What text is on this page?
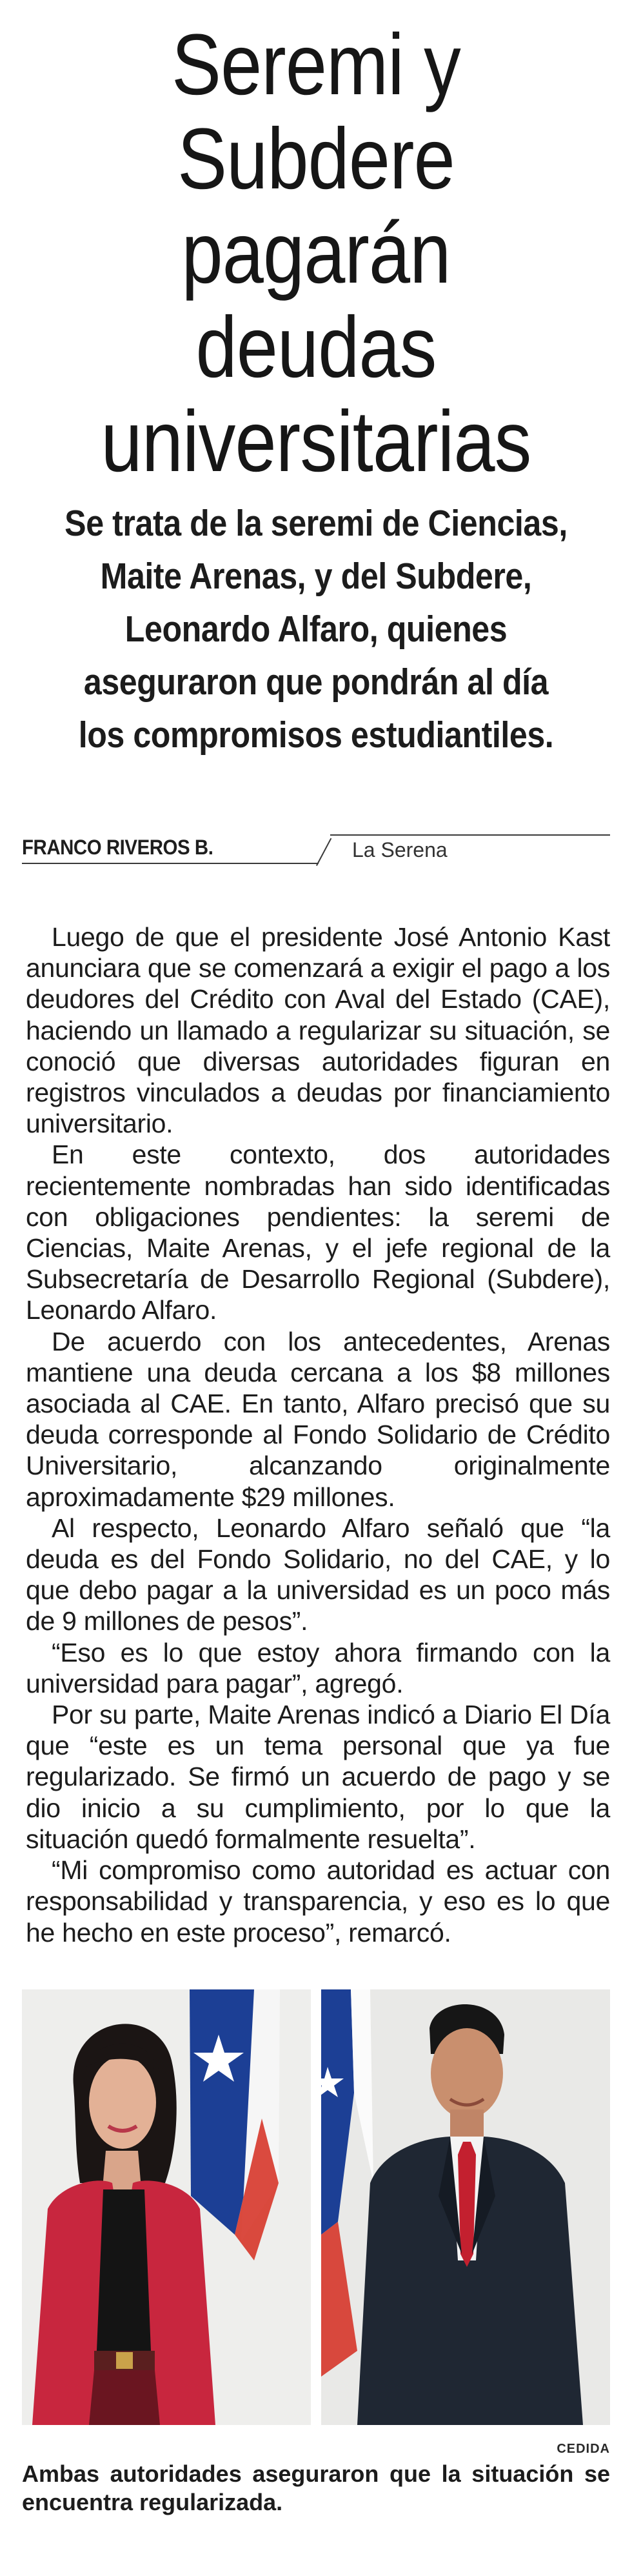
Seremi y Subdere pagarán deudas universitarias
Se trata de la seremi de Ciencias, Maite Arenas, y del Subdere, Leonardo Alfaro, quienes aseguraron que pondrán al día los compromisos estudiantiles.
FRANCO RIVEROS B.	La Serena

Luego de que el presidente José Antonio Kast anunciara que se comenzará a exigir el pago a los deudores del Crédito con Aval del Estado (CAE), haciendo un llamado a regularizar su situación, se conoció que diversas autoridades figuran en registros vinculados a deudas por financiamiento universitario.

En este contexto, dos autoridades recientemente nombradas han sido identificadas con obligaciones pendientes: la seremi de Ciencias, Maite Arenas, y el jefe regional de la Subsecretaría de Desarrollo Regional (Subdere), Leonardo Alfaro.

De acuerdo con los antecedentes, Arenas mantiene una deuda cercana a los $8 millones asociada al CAE. En tanto, Alfaro precisó que su deuda corresponde al Fondo Solidario de Crédito Universitario, alcanzando originalmente aproximadamente $29 millones.

Al respecto, Leonardo Alfaro señaló que “la deuda es del Fondo Solidario, no del CAE, y lo que debo pagar a la universidad es un poco más de 9 millones de pesos”.

“Eso es lo que estoy ahora firmando con la universidad para pagar”, agregó.

Por su parte, Maite Arenas indicó a Diario El Día que “este es un tema personal que ya fue regularizado. Se firmó un acuerdo de pago y se dio inicio a su cumplimiento, por lo que la situación quedó formalmente resuelta”.

“Mi compromiso como autoridad es actuar con responsabilidad y transparencia, y eso es lo que he hecho en este proceso”, remarcó.

CEDIDA

Ambas autoridades aseguraron que la situación se encuentra regularizada.
